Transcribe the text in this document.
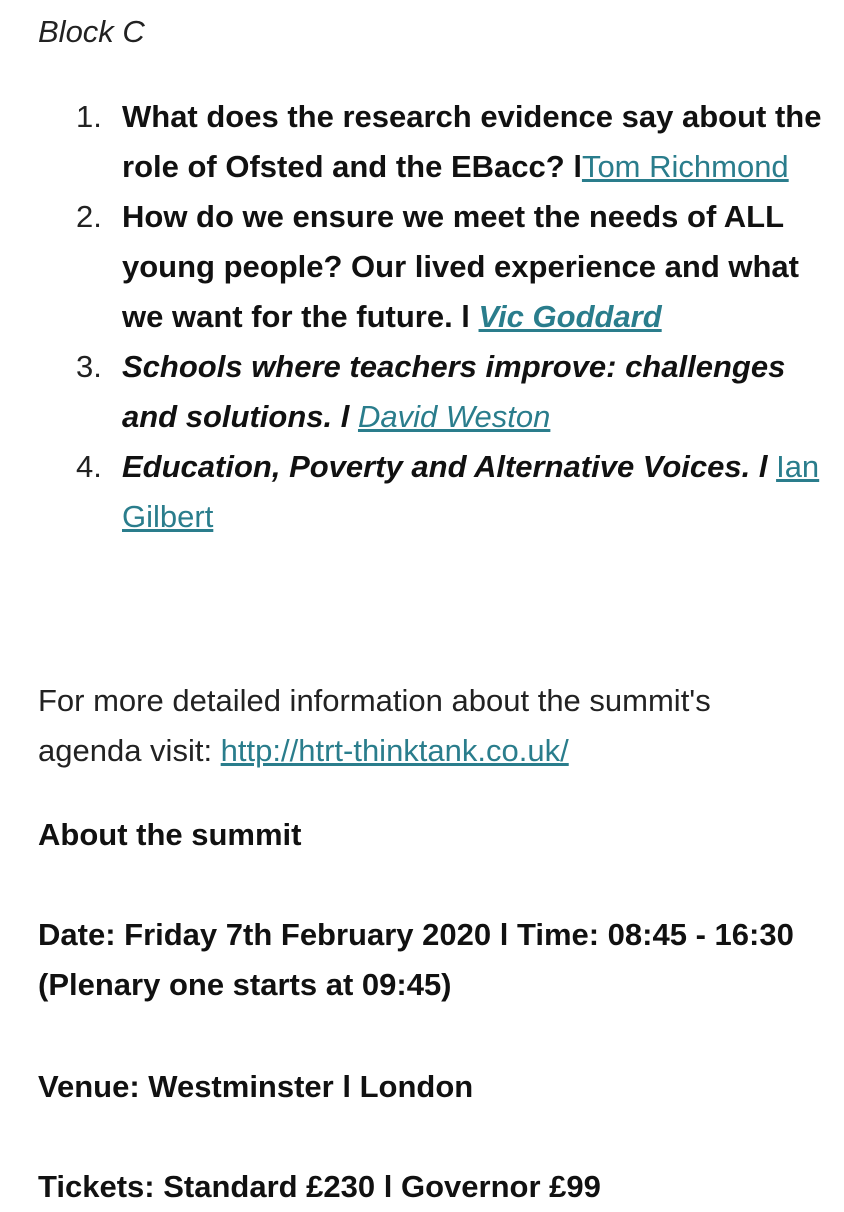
Block C
1. What does the research evidence say about the role of Ofsted and the EBacc? lTom Richmond
2. How do we ensure we meet the needs of ALL young people? Our lived experience and what we want for the future. l Vic Goddard
3. Schools where teachers improve: challenges and solutions. l David Weston
4. Education, Poverty and Alternative Voices. l Ian Gilbert

For more detailed information about the summit's agenda visit: http://htrt-thinktank.co.uk/

About the summit

Date: Friday 7th February 2020 l Time: 08:45 - 16:30 (Plenary one starts at 09:45)

Venue: Westminster l London

Tickets: Standard £230 l Governor £99
